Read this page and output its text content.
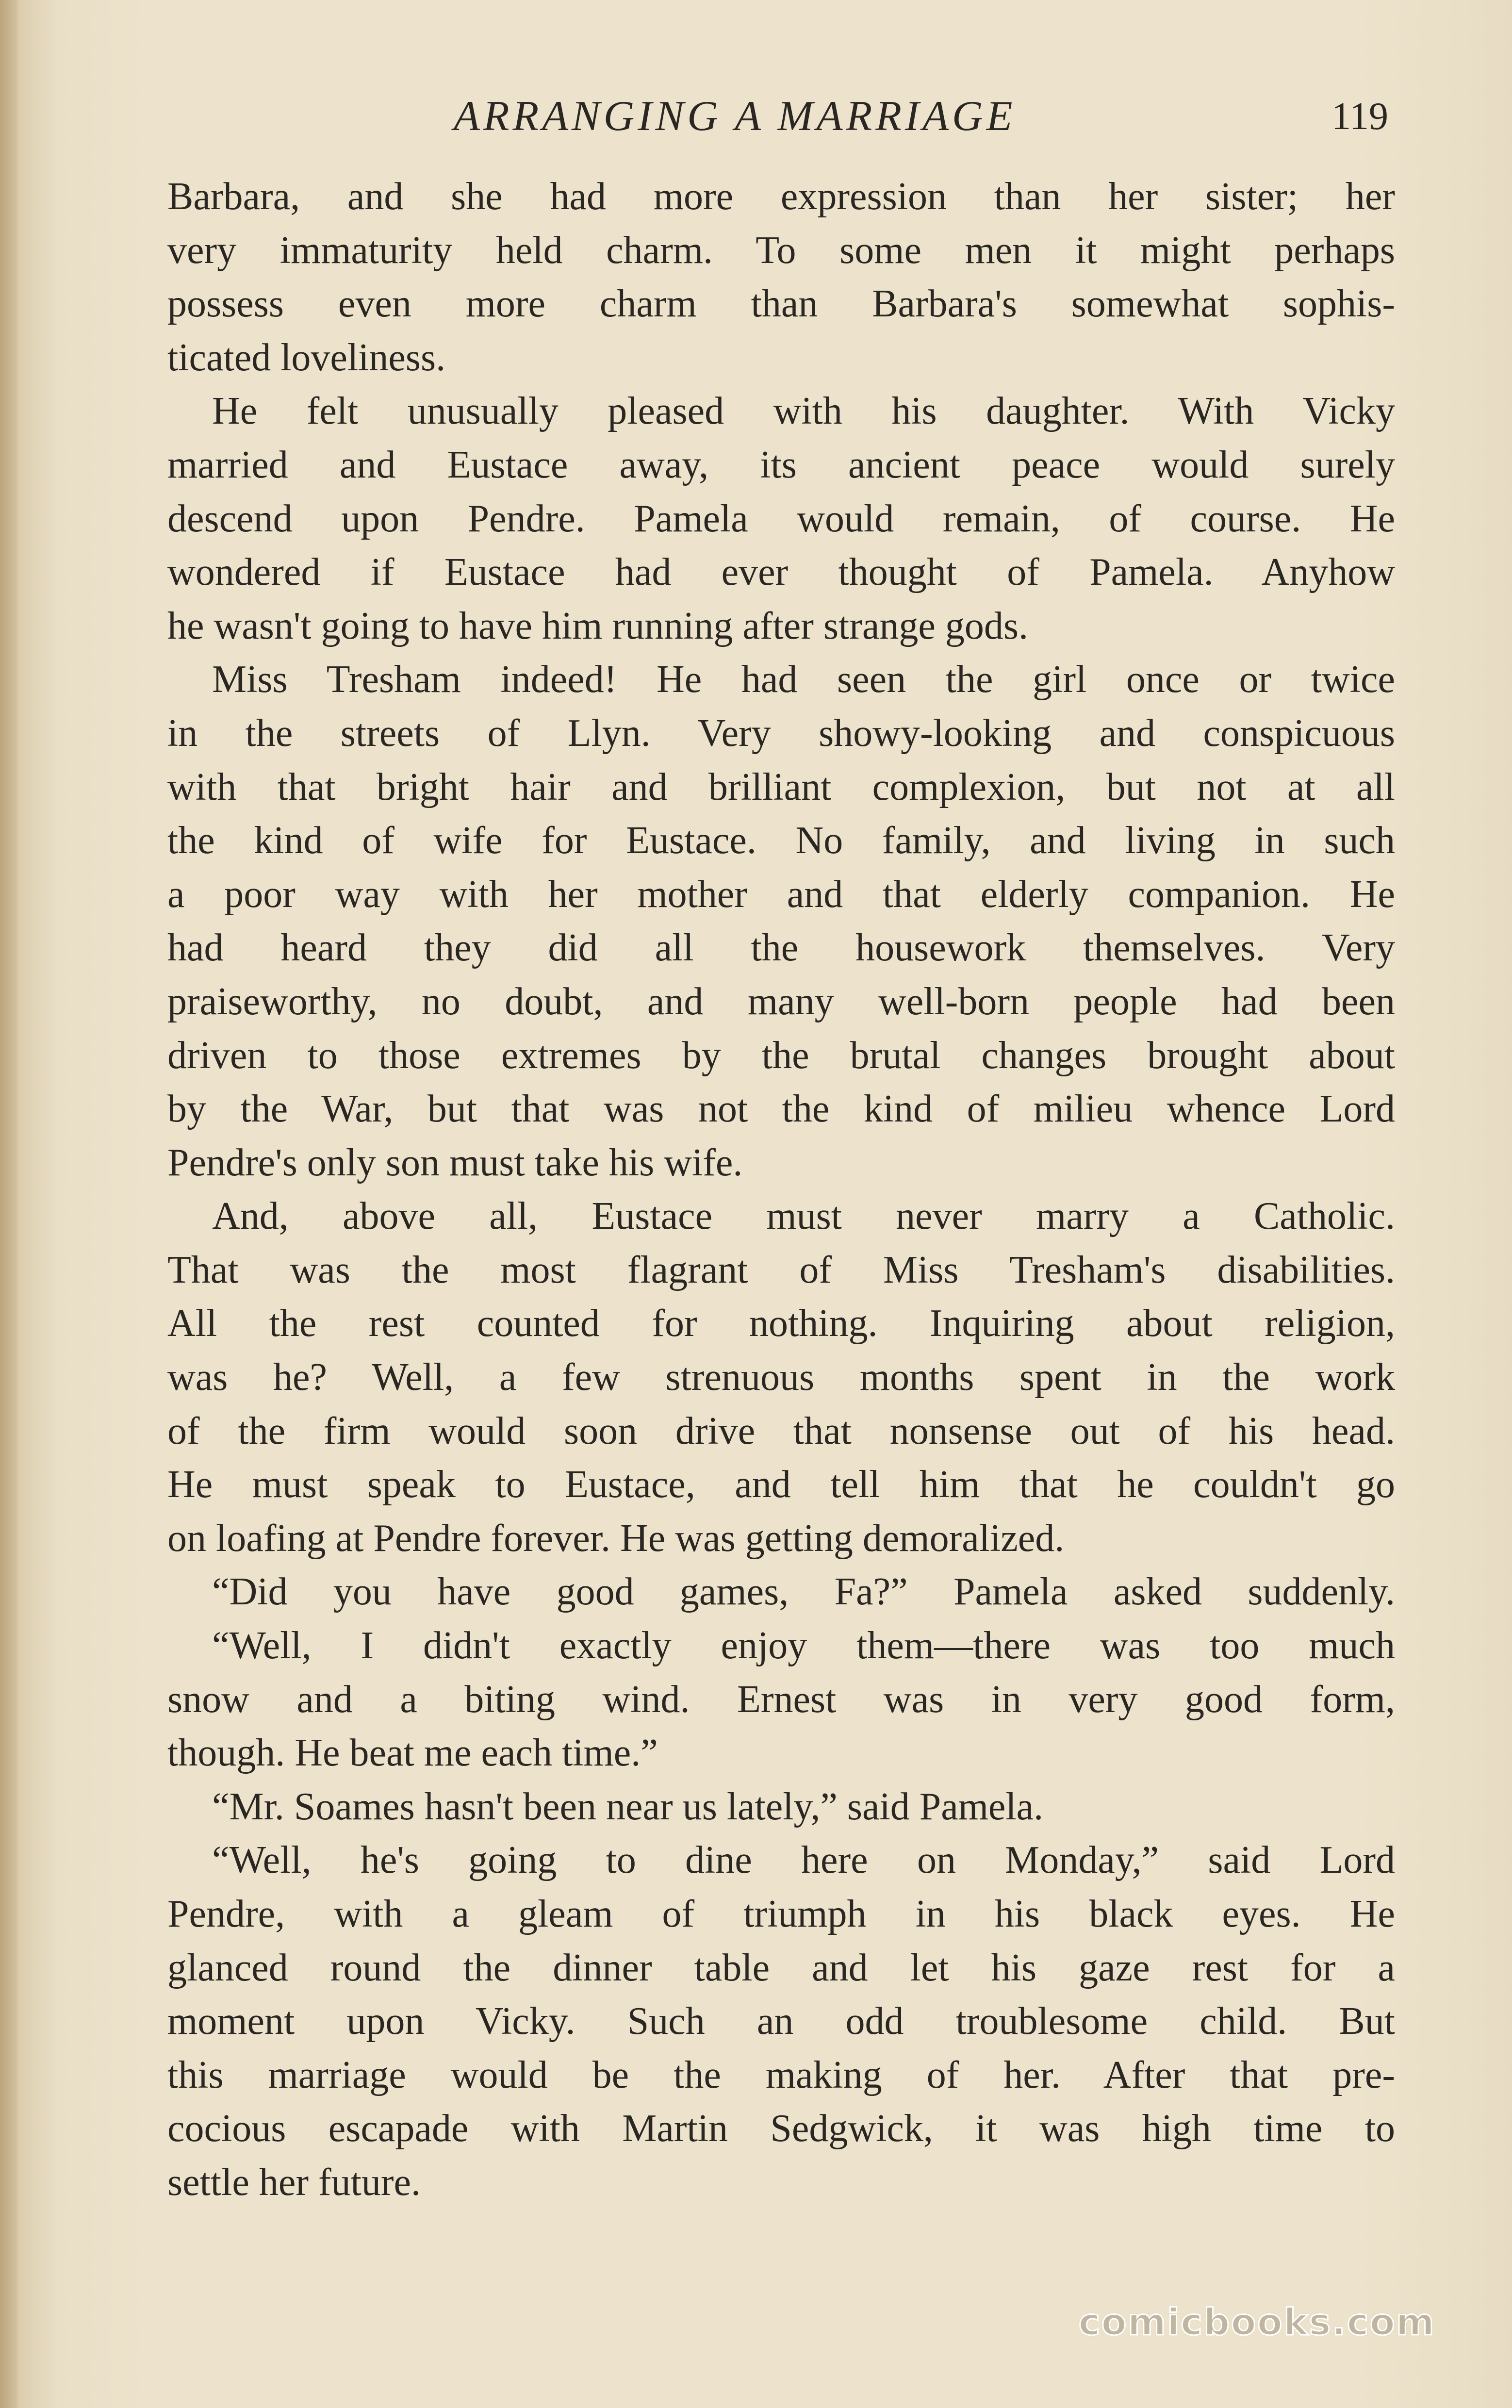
ARRANGING A MARRIAGE	119

Barbara, and she had more expression than her sister; her

very immaturity held charm. To some men it might perhaps

possess even more charm than Barbara's somewhat sophis-

ticated loveliness.

He felt unusually pleased with his daughter. With Vicky

married and Eustace away, its ancient peace would surely

descend upon Pendre. Pamela would remain, of course. He

wondered if Eustace had ever thought of Pamela. Anyhow

he wasn't going to have him running after strange gods.

Miss Tresham indeed! He had seen the girl once or twice

in the streets of Llyn. Very showy-looking and conspicuous

with that bright hair and brilliant complexion, but not at all

the kind of wife for Eustace. No family, and living in such

a poor way with her mother and that elderly companion. He

had heard they did all the housework themselves. Very

praiseworthy, no doubt, and many well-born people had been

driven to those extremes by the brutal changes brought about

by the War, but that was not the kind of milieu whence Lord

Pendre's only son must take his wife.

And, above all, Eustace must never marry a Catholic.

That was the most flagrant of Miss Tresham's disabilities.

All the rest counted for nothing. Inquiring about religion,

was he? Well, a few strenuous months spent in the work

of the firm would soon drive that nonsense out of his head.

He must speak to Eustace, and tell him that he couldn't go

on loafing at Pendre forever. He was getting demoralized.

“Did you have good games, Fa?” Pamela asked suddenly.

“Well, I didn't exactly enjoy them—there was too much

snow and a biting wind. Ernest was in very good form,

though. He beat me each time.”

“Mr. Soames hasn't been near us lately,” said Pamela.

“Well, he's going to dine here on Monday,” said Lord

Pendre, with a gleam of triumph in his black eyes. He

glanced round the dinner table and let his gaze rest for a

moment upon Vicky. Such an odd troublesome child. But

this marriage would be the making of her. After that pre-

cocious escapade with Martin Sedgwick, it was high time to

settle her future.

comicbooks.com
